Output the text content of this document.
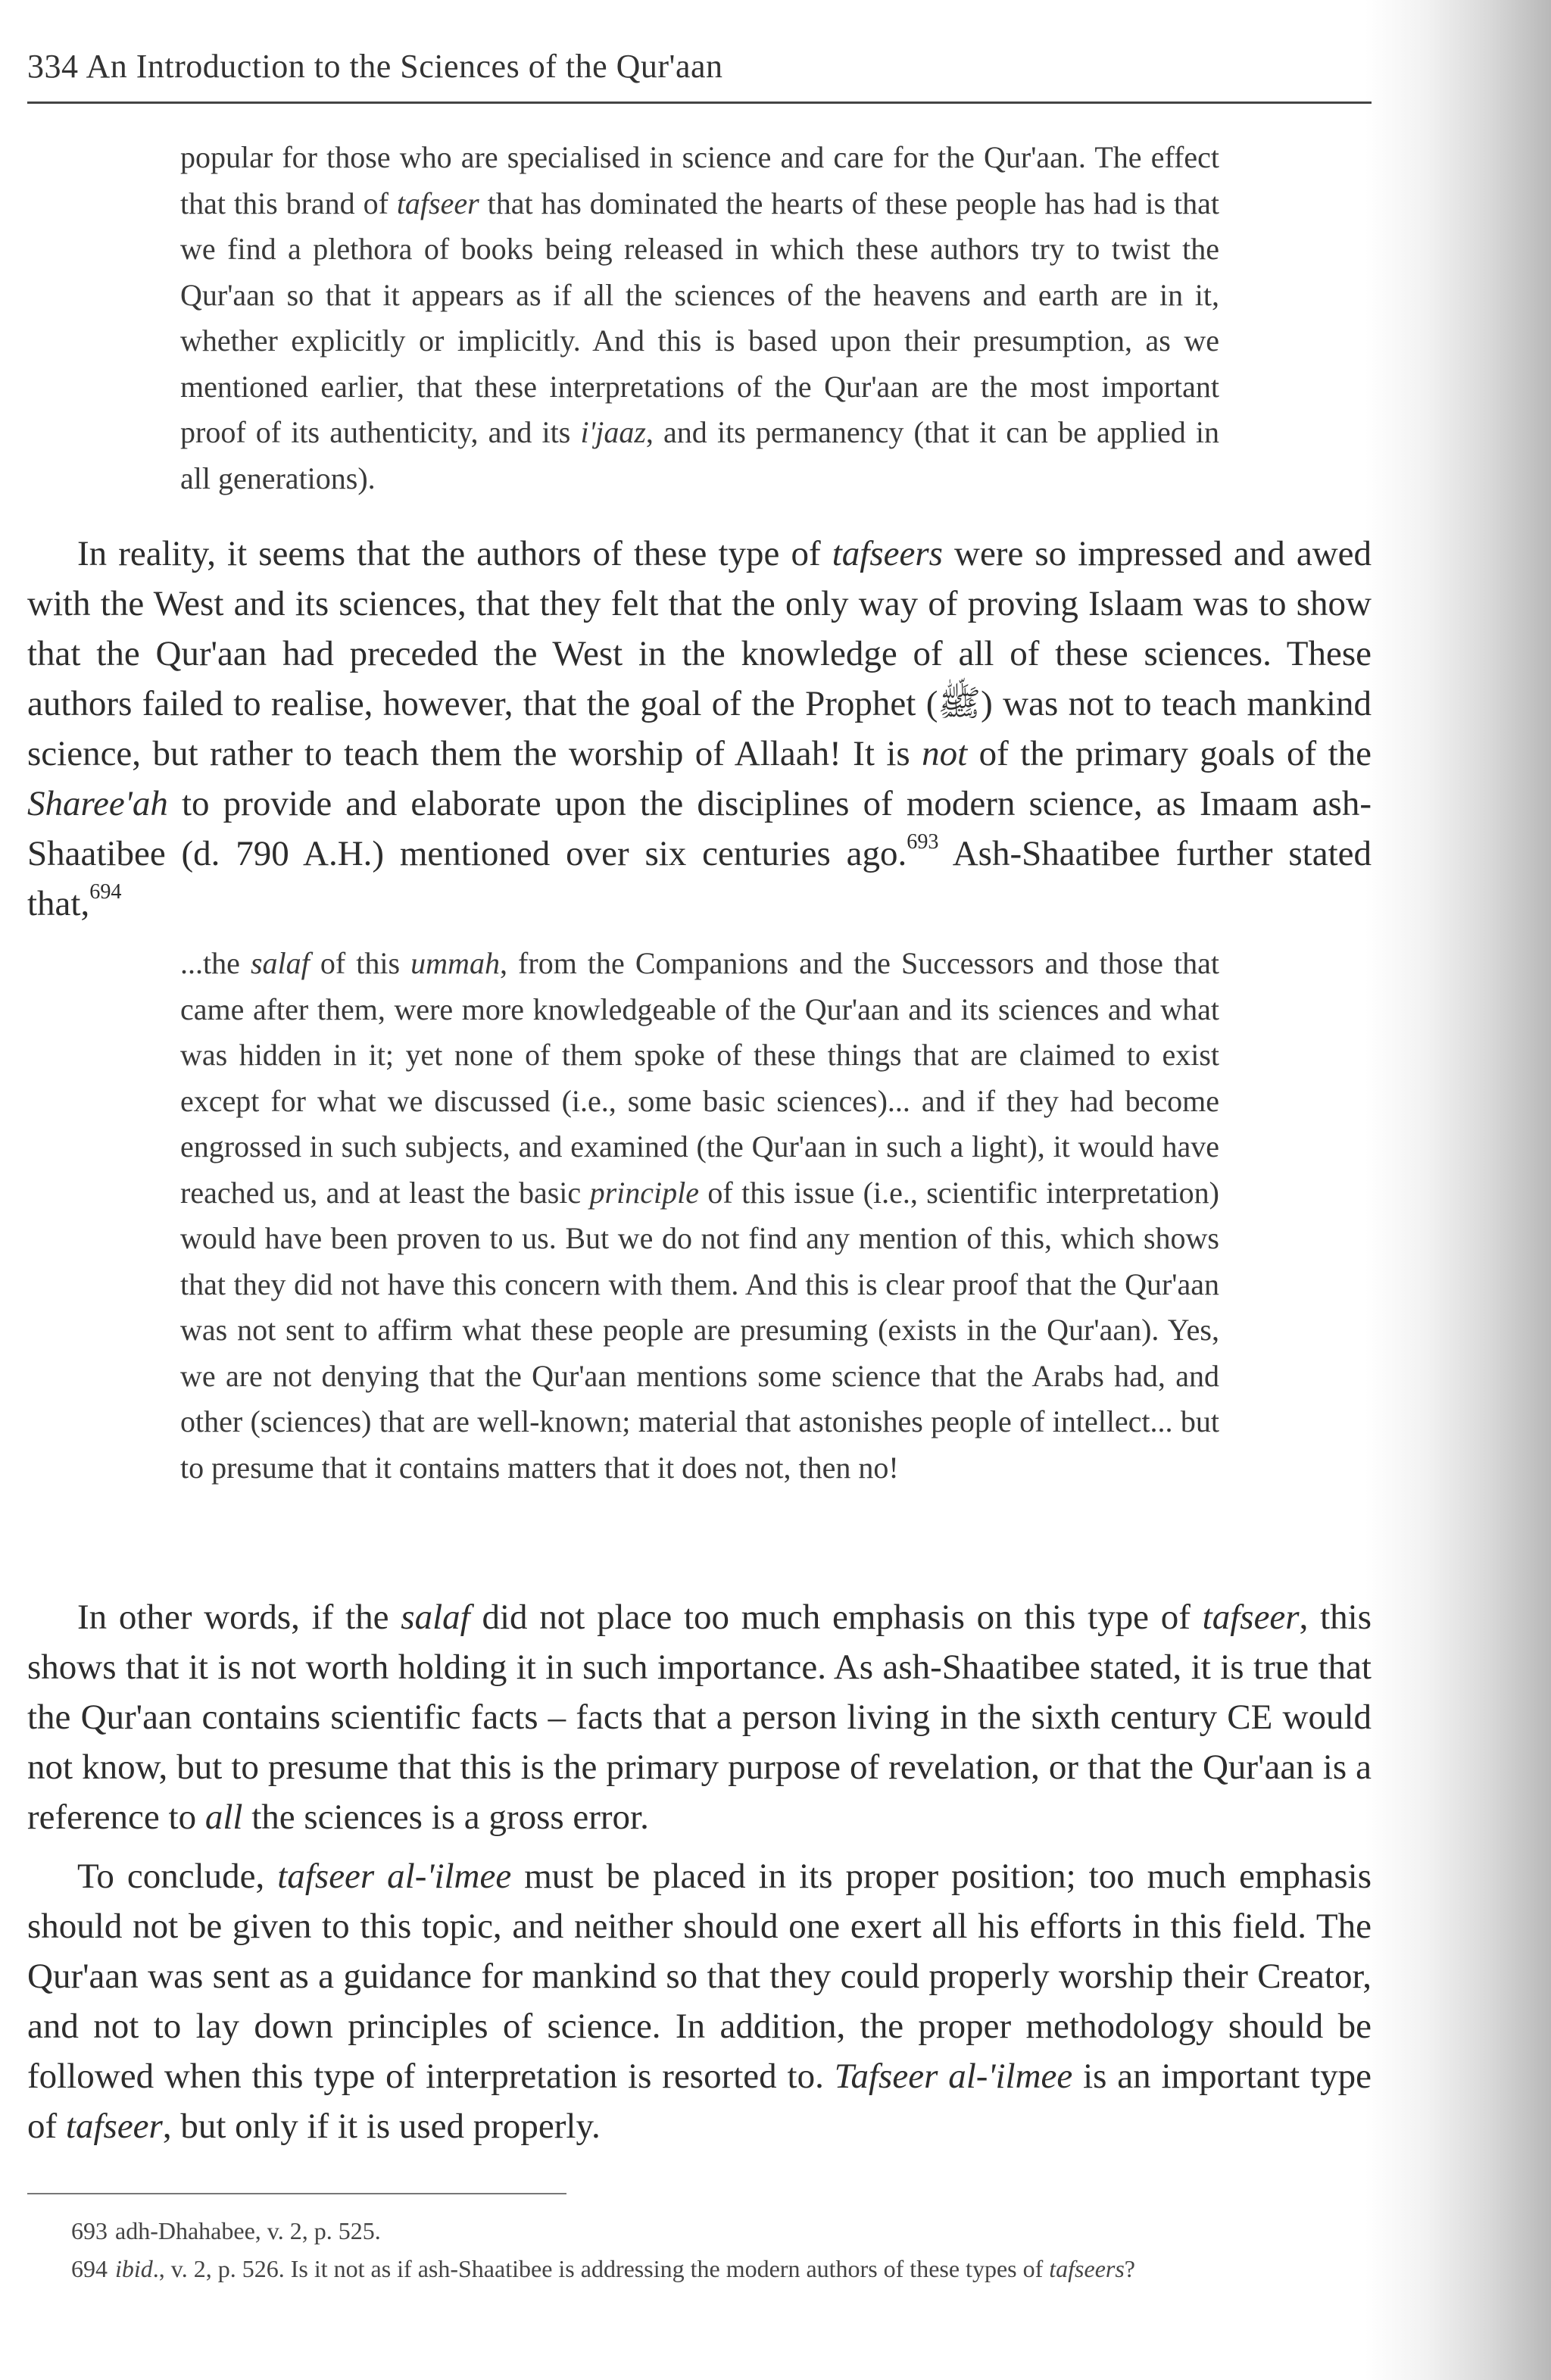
334 An Introduction to the Sciences of the Qur'aan
popular for those who are specialised in science and care for the Qur'aan. The effect that this brand of tafseer that has dominated the hearts of these people has had is that we find a plethora of books being released in which these authors try to twist the Qur'aan so that it appears as if all the sciences of the heavens and earth are in it, whether explicitly or implicitly. And this is based upon their presumption, as we mentioned earlier, that these interpretations of the Qur'aan are the most important proof of its authenticity, and its i'jaaz, and its permanency (that it can be applied in all generations).
In reality, it seems that the authors of these type of tafseers were so impressed and awed with the West and its sciences, that they felt that the only way of proving Islaam was to show that the Qur'aan had preceded the West in the knowledge of all of these sciences. These authors failed to realise, however, that the goal of the Prophet (ﷺ) was not to teach mankind science, but rather to teach them the worship of Allaah! It is not of the primary goals of the Sharee'ah to provide and elaborate upon the disciplines of modern science, as Imaam ash-Shaatibee (d. 790 A.H.) mentioned over six centuries ago.$^{693}$ Ash-Shaatibee further stated that,$^{694}$
...the salaf of this ummah, from the Companions and the Successors and those that came after them, were more knowledgeable of the Qur'aan and its sciences and what was hidden in it; yet none of them spoke of these things that are claimed to exist except for what we discussed (i.e., some basic sciences)... and if they had become engrossed in such subjects, and examined (the Qur'aan in such a light), it would have reached us, and at least the basic principle of this issue (i.e., scientific interpretation) would have been proven to us. But we do not find any mention of this, which shows that they did not have this concern with them. And this is clear proof that the Qur'aan was not sent to affirm what these people are presuming (exists in the Qur'aan). Yes, we are not denying that the Qur'aan mentions some science that the Arabs had, and other (sciences) that are well-known; material that astonishes people of intellect... but to presume that it contains matters that it does not, then no!
In other words, if the salaf did not place too much emphasis on this type of tafseer, this shows that it is not worth holding it in such importance. As ash-Shaatibee stated, it is true that the Qur'aan contains scientific facts – facts that a person living in the sixth century CE would not know, but to presume that this is the primary purpose of revelation, or that the Qur'aan is a reference to all the sciences is a gross error.
To conclude, tafseer al-'ilmee must be placed in its proper position; too much emphasis should not be given to this topic, and neither should one exert all his efforts in this field. The Qur'aan was sent as a guidance for mankind so that they could properly worship their Creator, and not to lay down principles of science. In addition, the proper methodology should be followed when this type of interpretation is resorted to. Tafseer al-'ilmee is an important type of tafseer, but only if it is used properly.
693 adh-Dhahabee, v. 2, p. 525.
694 ibid., v. 2, p. 526. Is it not as if ash-Shaatibee is addressing the modern authors of these types of tafseers?
